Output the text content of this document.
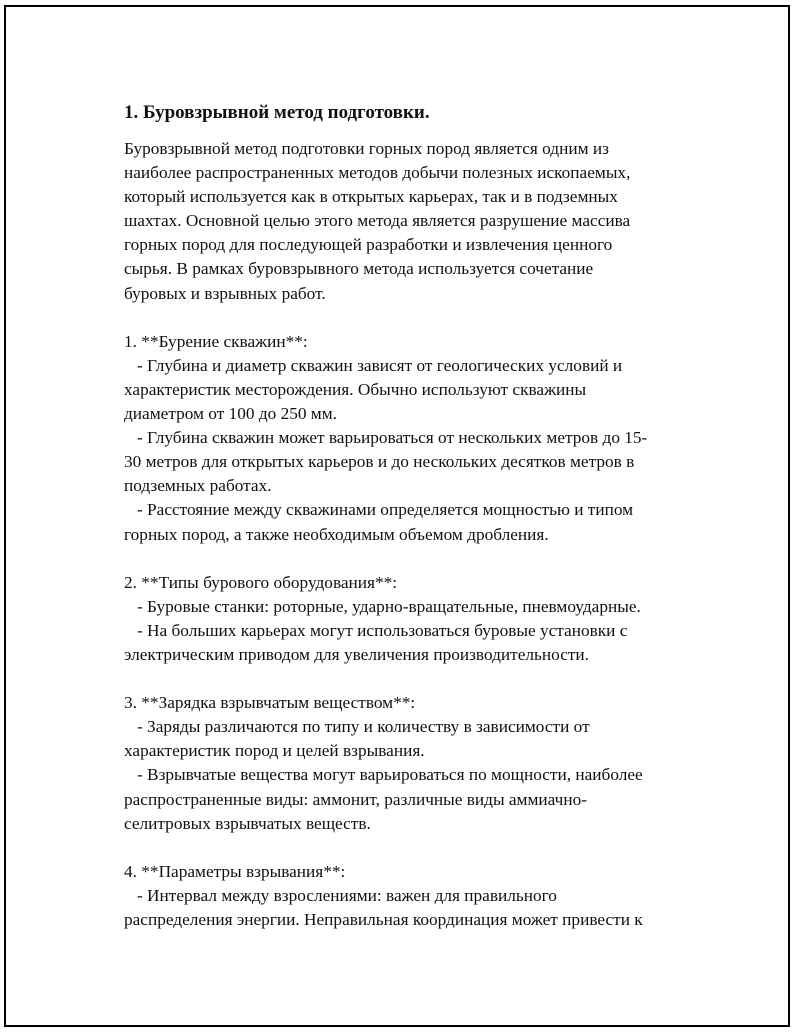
1. Буровзрывной метод подготовки.
Буровзрывной метод подготовки горных пород является одним из
наиболее распространенных методов добычи полезных ископаемых,
который используется как в открытых карьерах, так и в подземных
шахтах. Основной целью этого метода является разрушение массива
горных пород для последующей разработки и извлечения ценного
сырья. В рамках буровзрывного метода используется сочетание
буровых и взрывных работ.
1. **Бурение скважин**:
- Глубина и диаметр скважин зависят от геологических условий и
характеристик месторождения. Обычно используют скважины
диаметром от 100 до 250 мм.
- Глубина скважин может варьироваться от нескольких метров до 15-
30 метров для открытых карьеров и до нескольких десятков метров в
подземных работах.
- Расстояние между скважинами определяется мощностью и типом
горных пород, а также необходимым объемом дробления.
2. **Типы бурового оборудования**:
- Буровые станки: роторные, ударно-вращательные, пневмоударные.
- На больших карьерах могут использоваться буровые установки с
электрическим приводом для увеличения производительности.
3. **Зарядка взрывчатым веществом**:
- Заряды различаются по типу и количеству в зависимости от
характеристик пород и целей взрывания.
- Взрывчатые вещества могут варьироваться по мощности, наиболее
распространенные виды: аммонит, различные виды аммиачно-
селитровых взрывчатых веществ.
4. **Параметры взрывания**:
- Интервал между взрослениями: важен для правильного
распределения энергии. Неправильная координация может привести к
